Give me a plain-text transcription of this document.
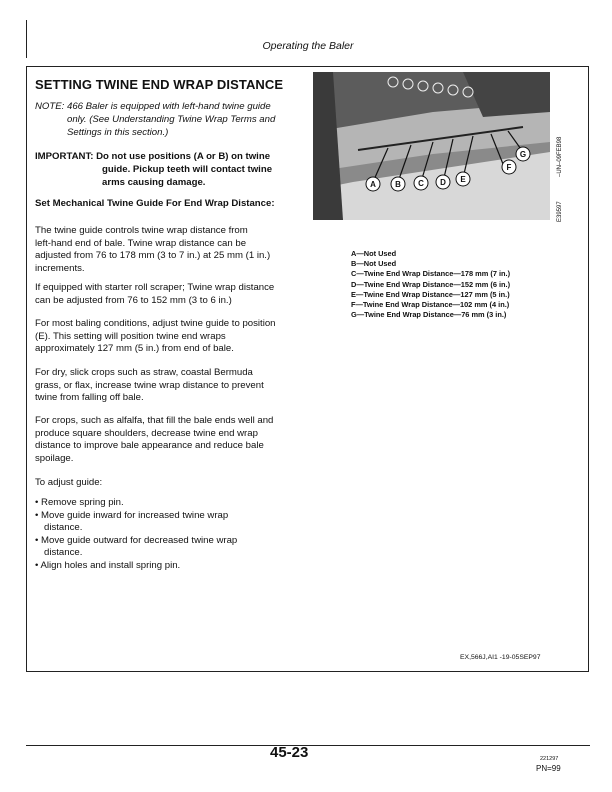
Operating the Baler
SETTING TWINE END WRAP DISTANCE
NOTE: 466 Baler is equipped with left-hand twine guide
only. (See Understanding Twine Wrap Terms and
Settings in this section.)
IMPORTANT: Do not use positions (A or B) on twine
guide. Pickup teeth will contact twine
arms causing damage.
Set Mechanical Twine Guide For End Wrap Distance:
The twine guide controls twine wrap distance from
left-hand end of bale. Twine wrap distance can be
adjusted from 76 to 178 mm (3 to 7 in.) at 25 mm (1 in.)
increments.
If equipped with starter roll scraper; Twine wrap distance
can be adjusted from 76 to 152 mm (3 to 6 in.)
For most baling conditions, adjust twine guide to position
(E). This setting will position twine end wraps
approximately 127 mm (5 in.) from end of bale.
For dry, slick crops such as straw, coastal Bermuda
grass, or flax, increase twine wrap distance to prevent
twine from falling off bale.
For crops, such as alfalfa, that fill the bale ends well and
produce square shoulders, decrease twine end wrap
distance to improve bale appearance and reduce bale
spoilage.
To adjust guide:
• Remove spring pin.
• Move guide inward for increased twine wrap
distance.
• Move guide outward for decreased twine wrap
distance.
• Align holes and install spring pin.
A B C D E
F
G	–UN–09FEB98
E39597
A—Not Used
B—Not Used
C—Twine End Wrap Distance—178 mm (7 in.)
D—Twine End Wrap Distance—152 mm (6 in.)
E—Twine End Wrap Distance—127 mm (5 in.)
F—Twine End Wrap Distance—102 mm (4 in.)
G—Twine End Wrap Distance—76 mm (3 in.)
EX,566J,AI1 -19-05SEP97
45-23	221297
PN=99
